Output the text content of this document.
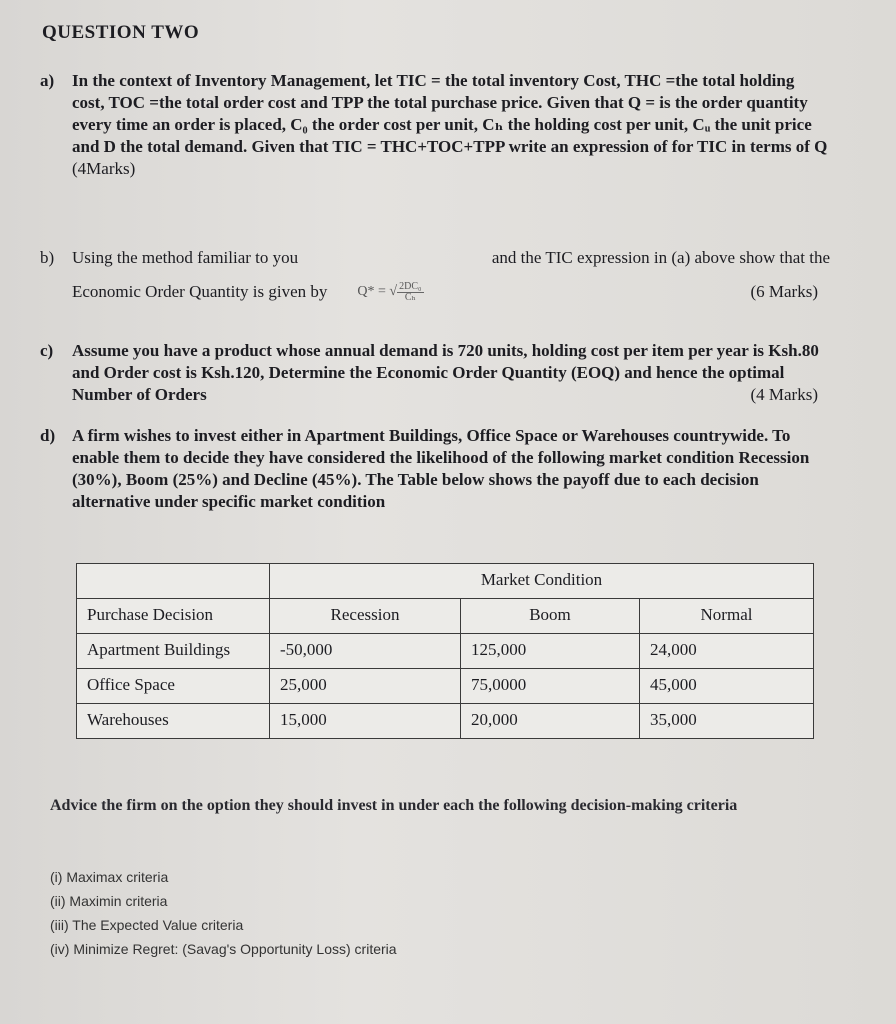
QUESTION TWO
a)	In the context of Inventory Management, let TIC = the total inventory Cost, THC =the total holding cost, TOC =the total order cost and TPP the total purchase price. Given that Q = is the order quantity every time an order is placed, C₀ the order cost per unit, Cₕ the holding cost per unit, Cᵤ the unit price and D the total demand. Given that TIC = THC+TOC+TPP write an expression of for TIC in terms of Q
(4Marks)
b)	Using the method familiar to you	and the TIC expression in (a) above show that the
Economic Order Quantity is given by Q* = √ $\frac{\text{2DC₀}}{\text{Cₕ}}$	(6 Marks)
c)	Assume you have a product whose annual demand is 720 units, holding cost per item per year is Ksh.80 and Order cost is Ksh.120, Determine the Economic Order Quantity (EOQ) and hence the optimal Number of Orders	(4 Marks)
d) A firm wishes to invest either in Apartment Buildings, Office Space or Warehouses countrywide. To enable them to decide they have considered the likelihood of the following market condition Recession (30%), Boom (25%) and Decline (45%). The Table below shows the payoff due to each decision alternative under specific market condition
	Market Condition		
Purchase Decision	Recession	Boom	Normal
Apartment Buildings	-50,000	125,000	24,000
Office Space	25,000	75,0000	45,000
Warehouses	15,000	20,000	35,000
Advice the firm on the option they should invest in under each the following decision-making criteria
(i) Maximax criteria
(ii) Maximin criteria
(iii) The Expected Value criteria
(iv) Minimize Regret: (Savag's Opportunity Loss) criteria
